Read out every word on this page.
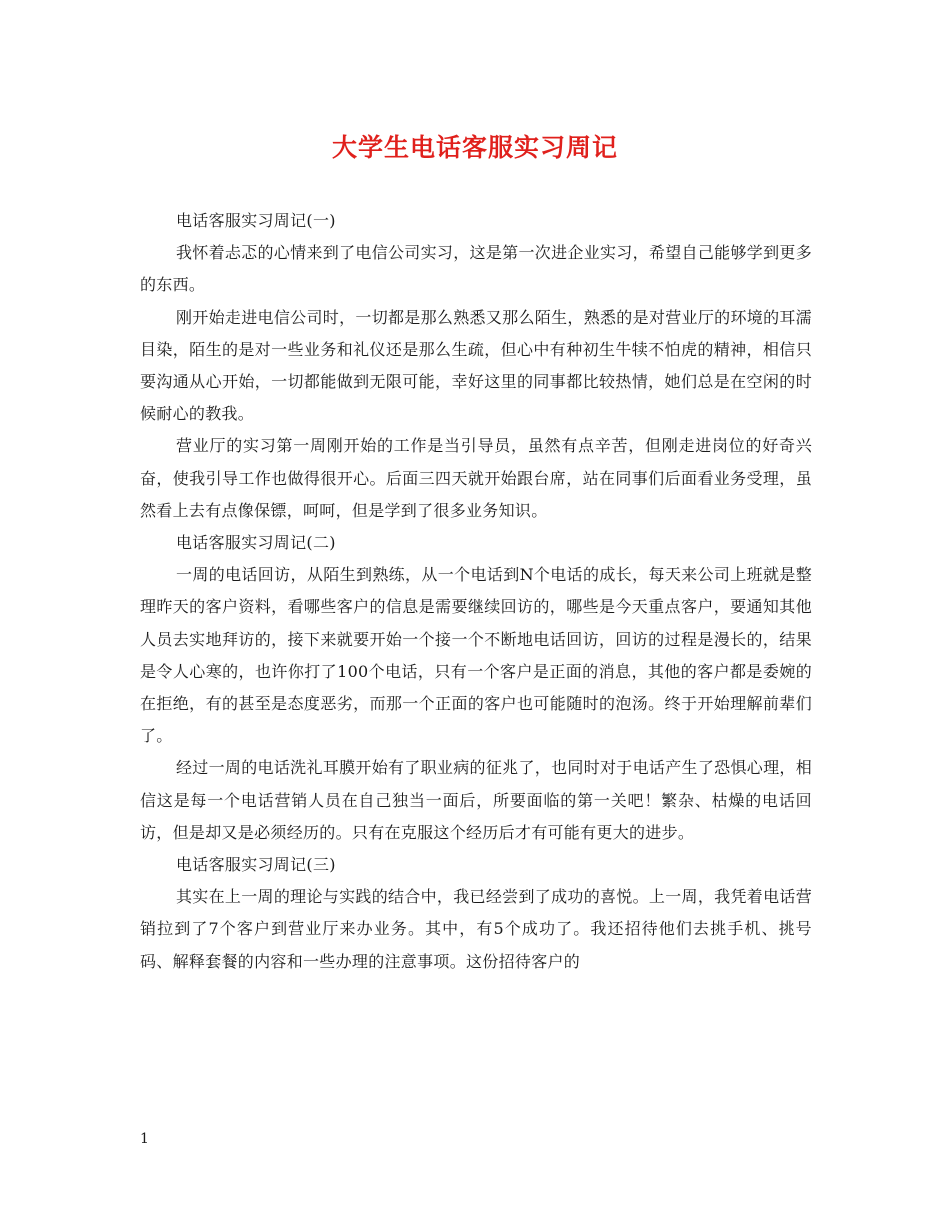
大学生电话客服实习周记

电话客服实习周记(一)

我怀着忐忑的心情来到了电信公司实习，这是第一次进企业实习，希望自己能够学到更多的东西。

刚开始走进电信公司时，一切都是那么熟悉又那么陌生，熟悉的是对营业厅的环境的耳濡目染，陌生的是对一些业务和礼仪还是那么生疏，但心中有种初生牛犊不怕虎的精神，相信只要沟通从心开始，一切都能做到无限可能，幸好这里的同事都比较热情，她们总是在空闲的时候耐心的教我。

营业厅的实习第一周刚开始的工作是当引导员，虽然有点辛苦，但刚走进岗位的好奇兴奋，使我引导工作也做得很开心。后面三四天就开始跟台席，站在同事们后面看业务受理，虽然看上去有点像保镖，呵呵，但是学到了很多业务知识。

电话客服实习周记(二)

一周的电话回访，从陌生到熟练，从一个电话到N个电话的成长，每天来公司上班就是整理昨天的客户资料，看哪些客户的信息是需要继续回访的，哪些是今天重点客户，要通知其他人员去实地拜访的，接下来就要开始一个接一个不断地电话回访，回访的过程是漫长的，结果是令人心寒的，也许你打了100个电话，只有一个客户是正面的消息，其他的客户都是委婉的在拒绝，有的甚至是态度恶劣，而那一个正面的客户也可能随时的泡汤。终于开始理解前辈们了。

经过一周的电话洗礼耳膜开始有了职业病的征兆了，也同时对于电话产生了恐惧心理，相信这是每一个电话营销人员在自己独当一面后，所要面临的第一关吧！繁杂、枯燥的电话回访，但是却又是必须经历的。只有在克服这个经历后才有可能有更大的进步。

电话客服实习周记(三)

其实在上一周的理论与实践的结合中，我已经尝到了成功的喜悦。上一周，我凭着电话营销拉到了7个客户到营业厅来办业务。其中，有5个成功了。我还招待他们去挑手机、挑号码、解释套餐的内容和一些办理的注意事项。这份招待客户的

1
